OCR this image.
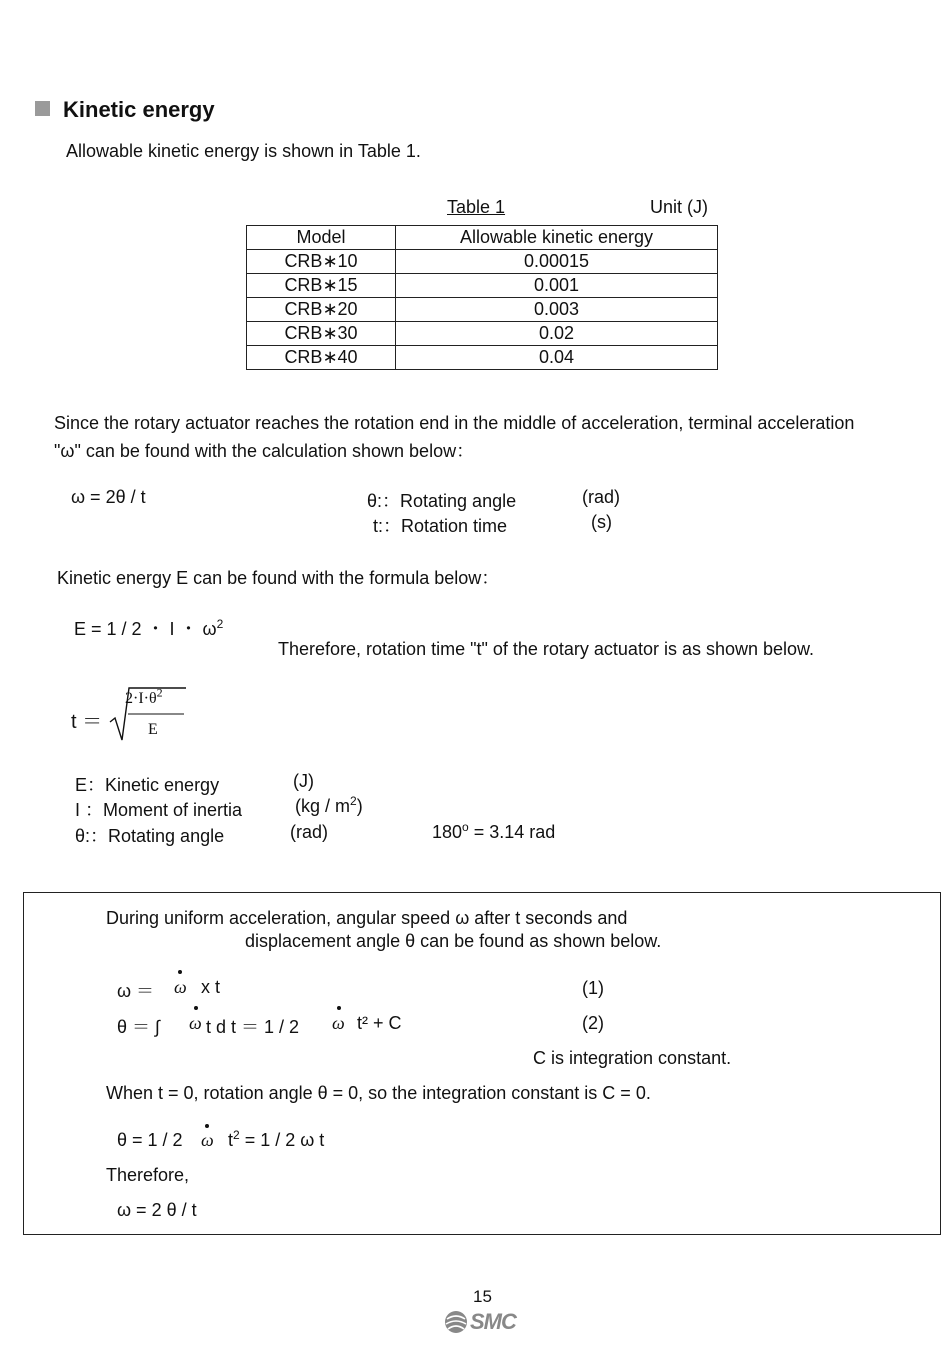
Kinetic energy
Allowable kinetic energy is shown in Table 1.
Table 1	Unit (J)
Model	Allowable kinetic energy
CRB∗10	0.00015
CRB∗15	0.001
CRB∗20	0.003
CRB∗30	0.02
CRB∗40	0.04
Since the rotary actuator reaches the rotation end in the middle of acceleration, terminal acceleration
"ω" can be found with the calculation shown below：
ω = 2θ / t	θ:：Rotating angle	(rad)
t:：Rotation time	(s)
Kinetic energy E can be found with the formula below：
E = 1 / 2 ・ I ・ $\omega^2$
Therefore, rotation time "t" of the rotary actuator is as shown below.
t ＝
$2\cdot I\cdot\theta^2$
E
E：Kinetic energy	(J)
I ：Moment of inertia	$(kg / m^2)$
θ:：Rotating angle	(rad)	$180^o = 3.14$ rad
During uniform acceleration, angular speed ω after t seconds and
displacement angle θ can be found as shown below.
ω ＝ ω x t	(1)
θ ＝ ∫ ω t d t ＝ 1 / 2 ω t² + C	(2)
C is integration constant.
When t = 0, rotation angle θ = 0, so the integration constant is C = 0.
θ = 1 / 2 ω $t^2 = 1 / 2$ ω t
Therefore,
ω = 2 θ / t
15
SMC
